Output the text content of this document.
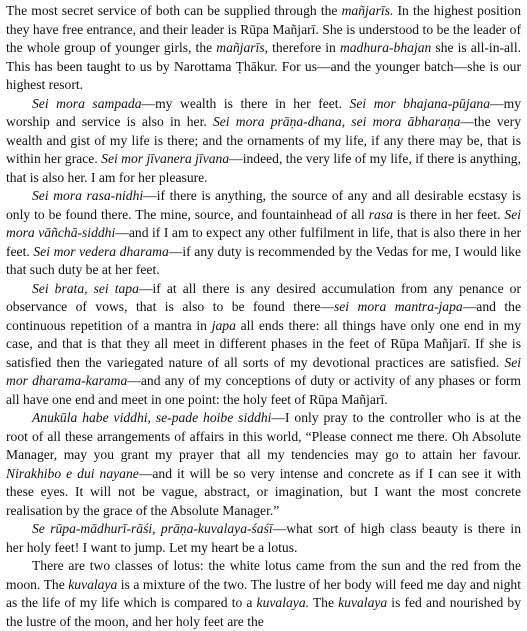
The most secret service of both can be supplied through the mañjarīs. In the highest position they have free entrance, and their leader is Rūpa Mañjarī. She is understood to be the leader of the whole group of younger girls, the mañjarīs, therefore in madhura-bhajan she is all-in-all. This has been taught to us by Narottama Ṭhākur. For us—and the younger batch—she is our highest resort.

Sei mora sampada—my wealth is there in her feet. Sei mor bhajana-pūjana—my worship and service is also in her. Sei mora prāṇa-dhana, sei mora ābharaṇa—the very wealth and gist of my life is there; and the ornaments of my life, if any there may be, that is within her grace. Sei mor jīvanera jīvana—indeed, the very life of my life, if there is anything, that is also her. I am for her pleasure.

Sei mora rasa-nidhi—if there is anything, the source of any and all desirable ecstasy is only to be found there. The mine, source, and fountainhead of all rasa is there in her feet. Sei mora vāñchā-siddhi—and if I am to expect any other fulfilment in life, that is also there in her feet. Sei mor vedera dharama—if any duty is recommended by the Vedas for me, I would like that such duty be at her feet.

Sei brata, sei tapa—if at all there is any desired accumulation from any penance or observance of vows, that is also to be found there—sei mora mantra-japa—and the continuous repetition of a mantra in japa all ends there: all things have only one end in my case, and that is that they all meet in different phases in the feet of Rūpa Mañjarī. If she is satisfied then the variegated nature of all sorts of my devotional practices are satisfied. Sei mor dharama-karama—and any of my conceptions of duty or activity of any phases or form all have one end and meet in one point: the holy feet of Rūpa Mañjarī.

Anukūla habe viddhi, se-pade hoibe siddhi—I only pray to the controller who is at the root of all these arrangements of affairs in this world, “Please connect me there. Oh Absolute Manager, may you grant my prayer that all my tendencies may go to attain her favour. Nirakhibo e dui nayane—and it will be so very intense and concrete as if I can see it with these eyes. It will not be vague, abstract, or imagination, but I want the most concrete realisation by the grace of the Absolute Manager.”

Se rūpa-mādhurī-rāśi, prāṇa-kuvalaya-śaśī—what sort of high class beauty is there in her holy feet! I want to jump. Let my heart be a lotus.

There are two classes of lotus: the white lotus came from the sun and the red from the moon. The kuvalaya is a mixture of the two. The lustre of her body will feed me day and night as the life of my life which is compared to a kuvalaya. The kuvalaya is fed and nourished by the lustre of the moon, and her holy feet are the
